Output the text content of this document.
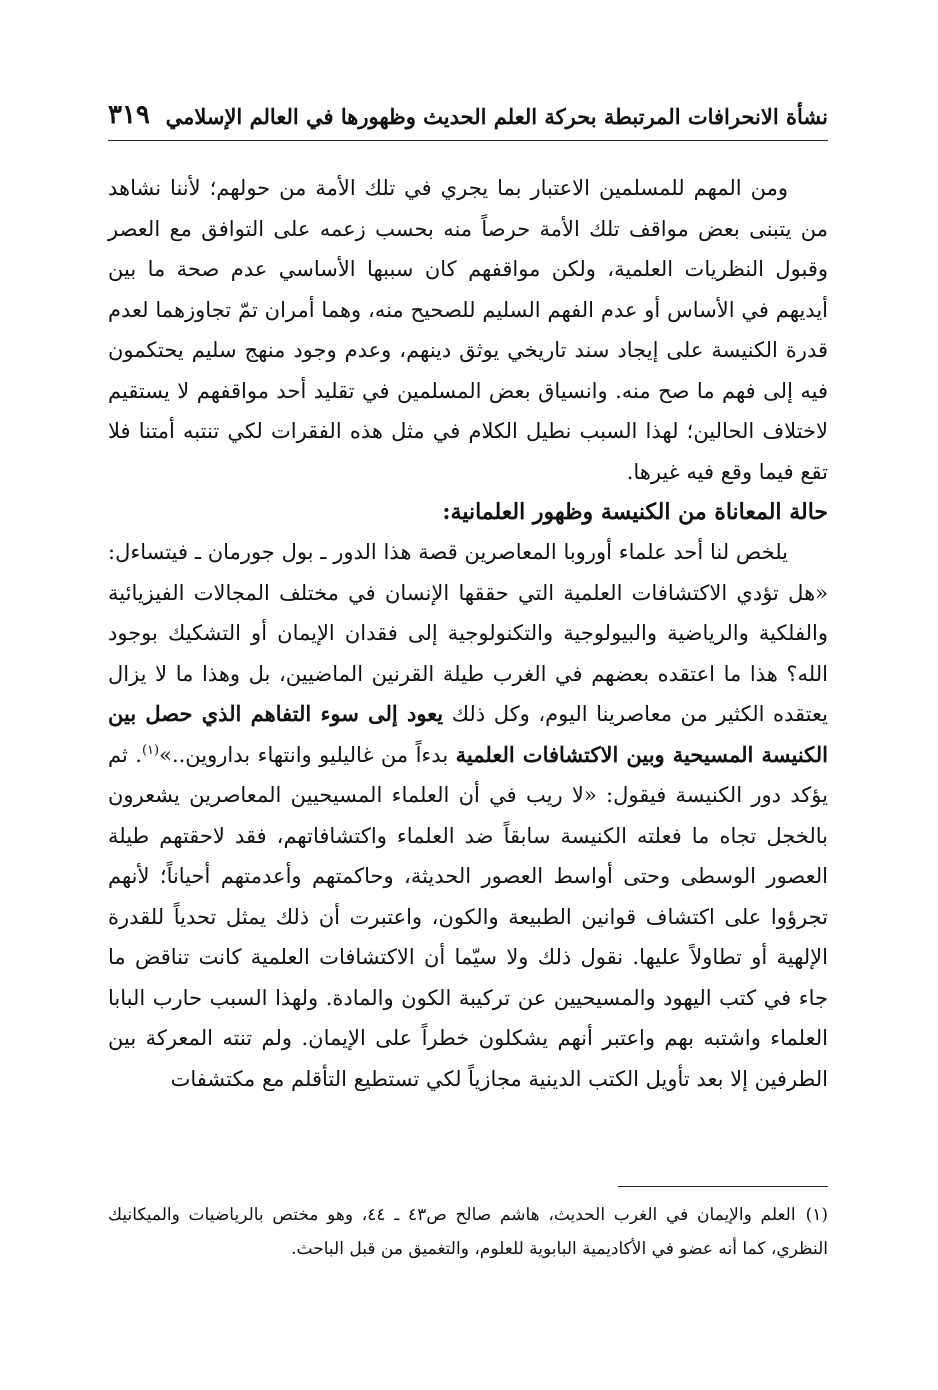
نشأة الانحرافات المرتبطة بحركة العلم الحديث وظهورها في العالم الإسلامي
٣١٩

ومن المهم للمسلمين الاعتبار بما يجري في تلك الأمة من حولهم؛ لأننا نشاهد من يتبنى بعض مواقف تلك الأمة حرصاً منه بحسب زعمه على التوافق مع العصر وقبول النظريات العلمية، ولكن مواقفهم كان سببها الأساسي عدم صحة ما بين أيديهم في الأساس أو عدم الفهم السليم للصحيح منه، وهما أمران تمّ تجاوزهما لعدم قدرة الكنيسة على إيجاد سند تاريخي يوثق دينهم، وعدم وجود منهج سليم يحتكمون فيه إلى فهم ما صح منه. وانسياق بعض المسلمين في تقليد أحد مواقفهم لا يستقيم لاختلاف الحالين؛ لهذا السبب نطيل الكلام في مثل هذه الفقرات لكي تنتبه أمتنا فلا تقع فيما وقع فيه غيرها.

حالة المعاناة من الكنيسة وظهور العلمانية:

يلخص لنا أحد علماء أوروبا المعاصرين قصة هذا الدور ـ بول جورمان ـ فيتساءل: «هل تؤدي الاكتشافات العلمية التي حققها الإنسان في مختلف المجالات الفيزيائية والفلكية والرياضية والبيولوجية والتكنولوجية إلى فقدان الإيمان أو التشكيك بوجود الله؟ هذا ما اعتقده بعضهم في الغرب طيلة القرنين الماضيين، بل وهذا ما لا يزال يعتقده الكثير من معاصرينا اليوم، وكل ذلك يعود إلى سوء التفاهم الذي حصل بين الكنيسة المسيحية وبين الاكتشافات العلمية بدءاً من غاليليو وانتهاء بداروين..»$^{(١)}$. ثم يؤكد دور الكنيسة فيقول: «لا ريب في أن العلماء المسيحيين المعاصرين يشعرون بالخجل تجاه ما فعلته الكنيسة سابقاً ضد العلماء واكتشافاتهم، فقد لاحقتهم طيلة العصور الوسطى وحتى أواسط العصور الحديثة، وحاكمتهم وأعدمتهم أحياناً؛ لأنهم تجرؤوا على اكتشاف قوانين الطبيعة والكون، واعتبرت أن ذلك يمثل تحدياً للقدرة الإلهية أو تطاولاً عليها. نقول ذلك ولا سيّما أن الاكتشافات العلمية كانت تناقض ما جاء في كتب اليهود والمسيحيين عن تركيبة الكون والمادة. ولهذا السبب حارب البابا العلماء واشتبه بهم واعتبر أنهم يشكلون خطراً على الإيمان. ولم تنته المعركة بين الطرفين إلا بعد تأويل الكتب الدينية مجازياً لكي تستطيع التأقلم مع مكتشفات

(١)العلم والإيمان في الغرب الحديث، هاشم صالح ص٤٣ ـ ٤٤، وهو مختص بالرياضيات والميكانيك النظري، كما أنه عضو في الأكاديمية البابوية للعلوم، والتغميق من قبل الباحث.
